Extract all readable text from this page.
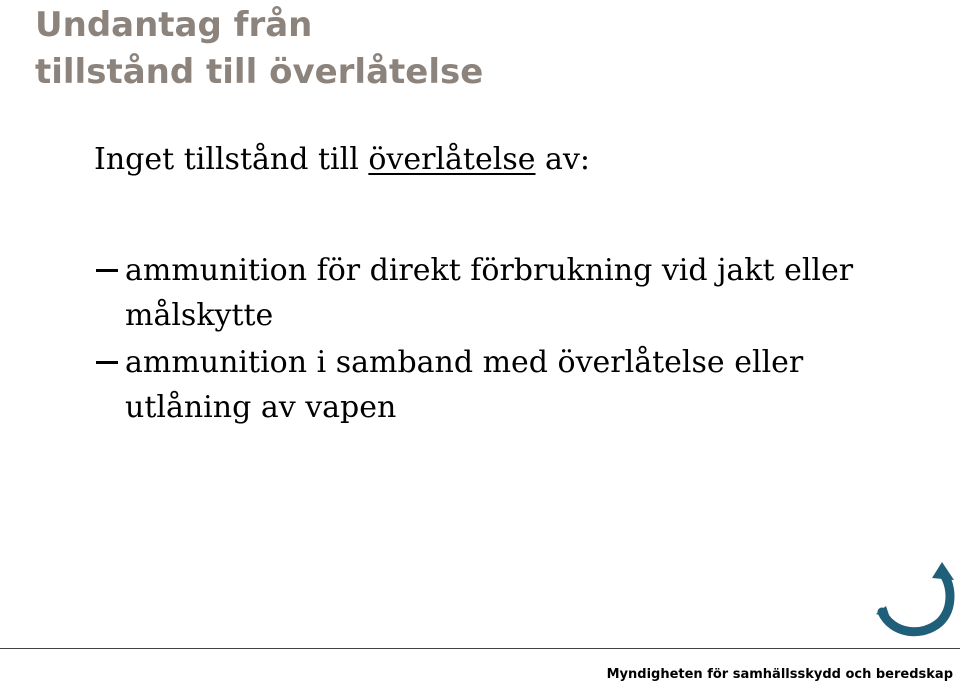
Undantag från
tillstånd till överlåtelse

Inget tillstånd till överlåtelse av:

ammunition för direkt förbrukning vid jakt eller målskytte
ammunition i samband med överlåtelse eller utlåning av vapen
Myndigheten för samhällsskydd och beredskap
